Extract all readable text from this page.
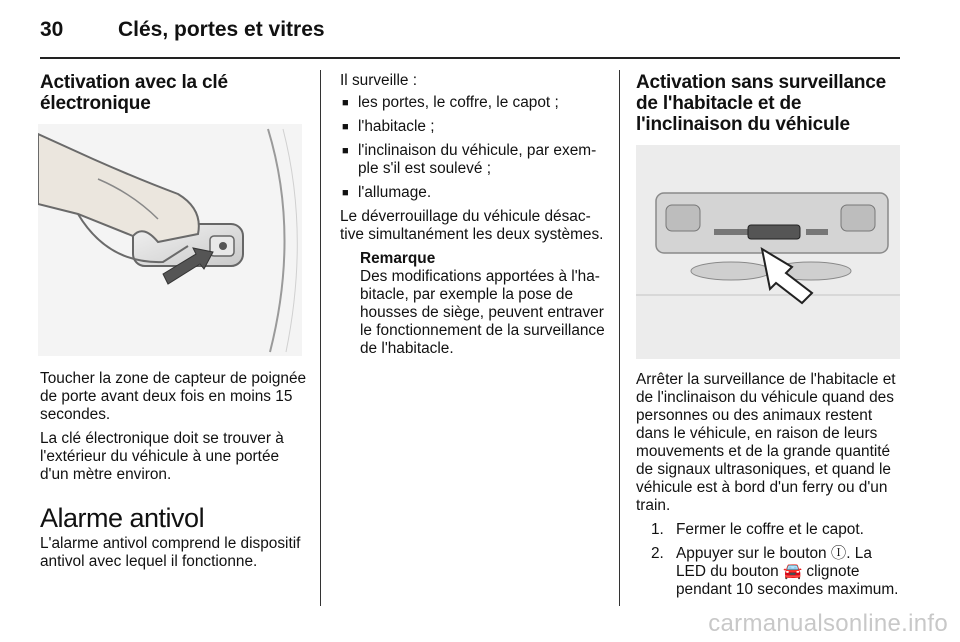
30	Clés, portes et vitres
Activation avec la clé électronique

Toucher la zone de capteur de poignée de porte avant deux fois en moins 15 secondes.

La clé électronique doit se trouver à l'extérieur du véhicule à une portée d'un mètre environ.

Alarme antivol

L'alarme antivol comprend le dispositif antivol avec lequel il fonctionne.

Il surveille :

■ les portes, le coffre, le capot ;
■ l'habitacle ;
■ l'inclinaison du véhicule, par exemple s'il est soulevé ;
■ l'allumage.

Le déverrouillage du véhicule désactive simultanément les deux systèmes.

Remarque
Des modifications apportées à l'habitacle, par exemple la pose de housses de siège, peuvent entraver le fonctionnement de la surveillance de l'habitacle.
Activation sans surveillance de l'habitacle et de l'inclinaison du véhicule

Arrêter la surveillance de l'habitacle et de l'inclinaison du véhicule quand des personnes ou des animaux restent dans le véhicule, en raison de leurs mouvements et de la grande quantité de signaux ultrasoniques, et quand le véhicule est à bord d'un ferry ou d'un train.

1. Fermer le coffre et le capot.
2. Appuyer sur le bouton Ⓘ. La LED du bouton 🚘 clignote pendant 10 secondes maximum.
carmanualsonline.info
